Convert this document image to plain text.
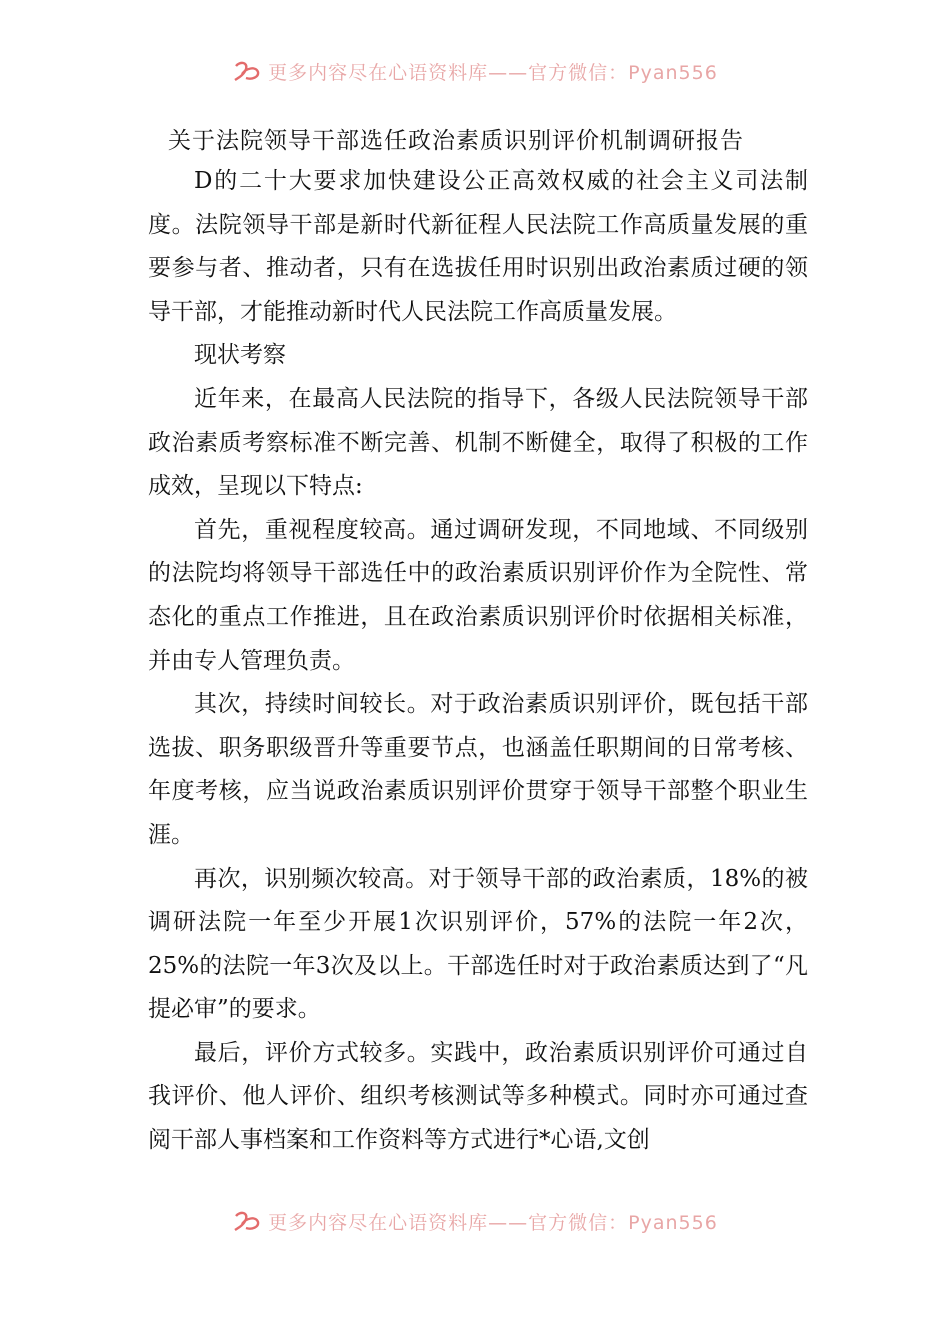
更多内容尽在心语资料库——官方微信：Pyan556
关于法院领导干部选任政治素质识别评价机制调研报告

D的二十大要求加快建设公正高效权威的社会主义司法制度。法院领导干部是新时代新征程人民法院工作高质量发展的重要参与者、推动者，只有在选拔任用时识别出政治素质过硬的领导干部，才能推动新时代人民法院工作高质量发展。

现状考察

近年来，在最高人民法院的指导下，各级人民法院领导干部政治素质考察标准不断完善、机制不断健全，取得了积极的工作成效，呈现以下特点:

首先，重视程度较高。通过调研发现，不同地域、不同级别的法院均将领导干部选任中的政治素质识别评价作为全院性、常态化的重点工作推进，且在政治素质识别评价时依据相关标准，并由专人管理负责。

其次，持续时间较长。对于政治素质识别评价，既包括干部选拔、职务职级晋升等重要节点，也涵盖任职期间的日常考核、年度考核，应当说政治素质识别评价贯穿于领导干部整个职业生涯。

再次，识别频次较高。对于领导干部的政治素质，18%的被调研法院一年至少开展1次识别评价，57%的法院一年2次，25%的法院一年3次及以上。干部选任时对于政治素质达到了“凡提必审”的要求。

最后，评价方式较多。实践中，政治素质识别评价可通过自我评价、他人评价、组织考核测试等多种模式。同时亦可通过查阅干部人事档案和工作资料等方式进行*心语,文创

更多内容尽在心语资料库——官方微信：Pyan556
